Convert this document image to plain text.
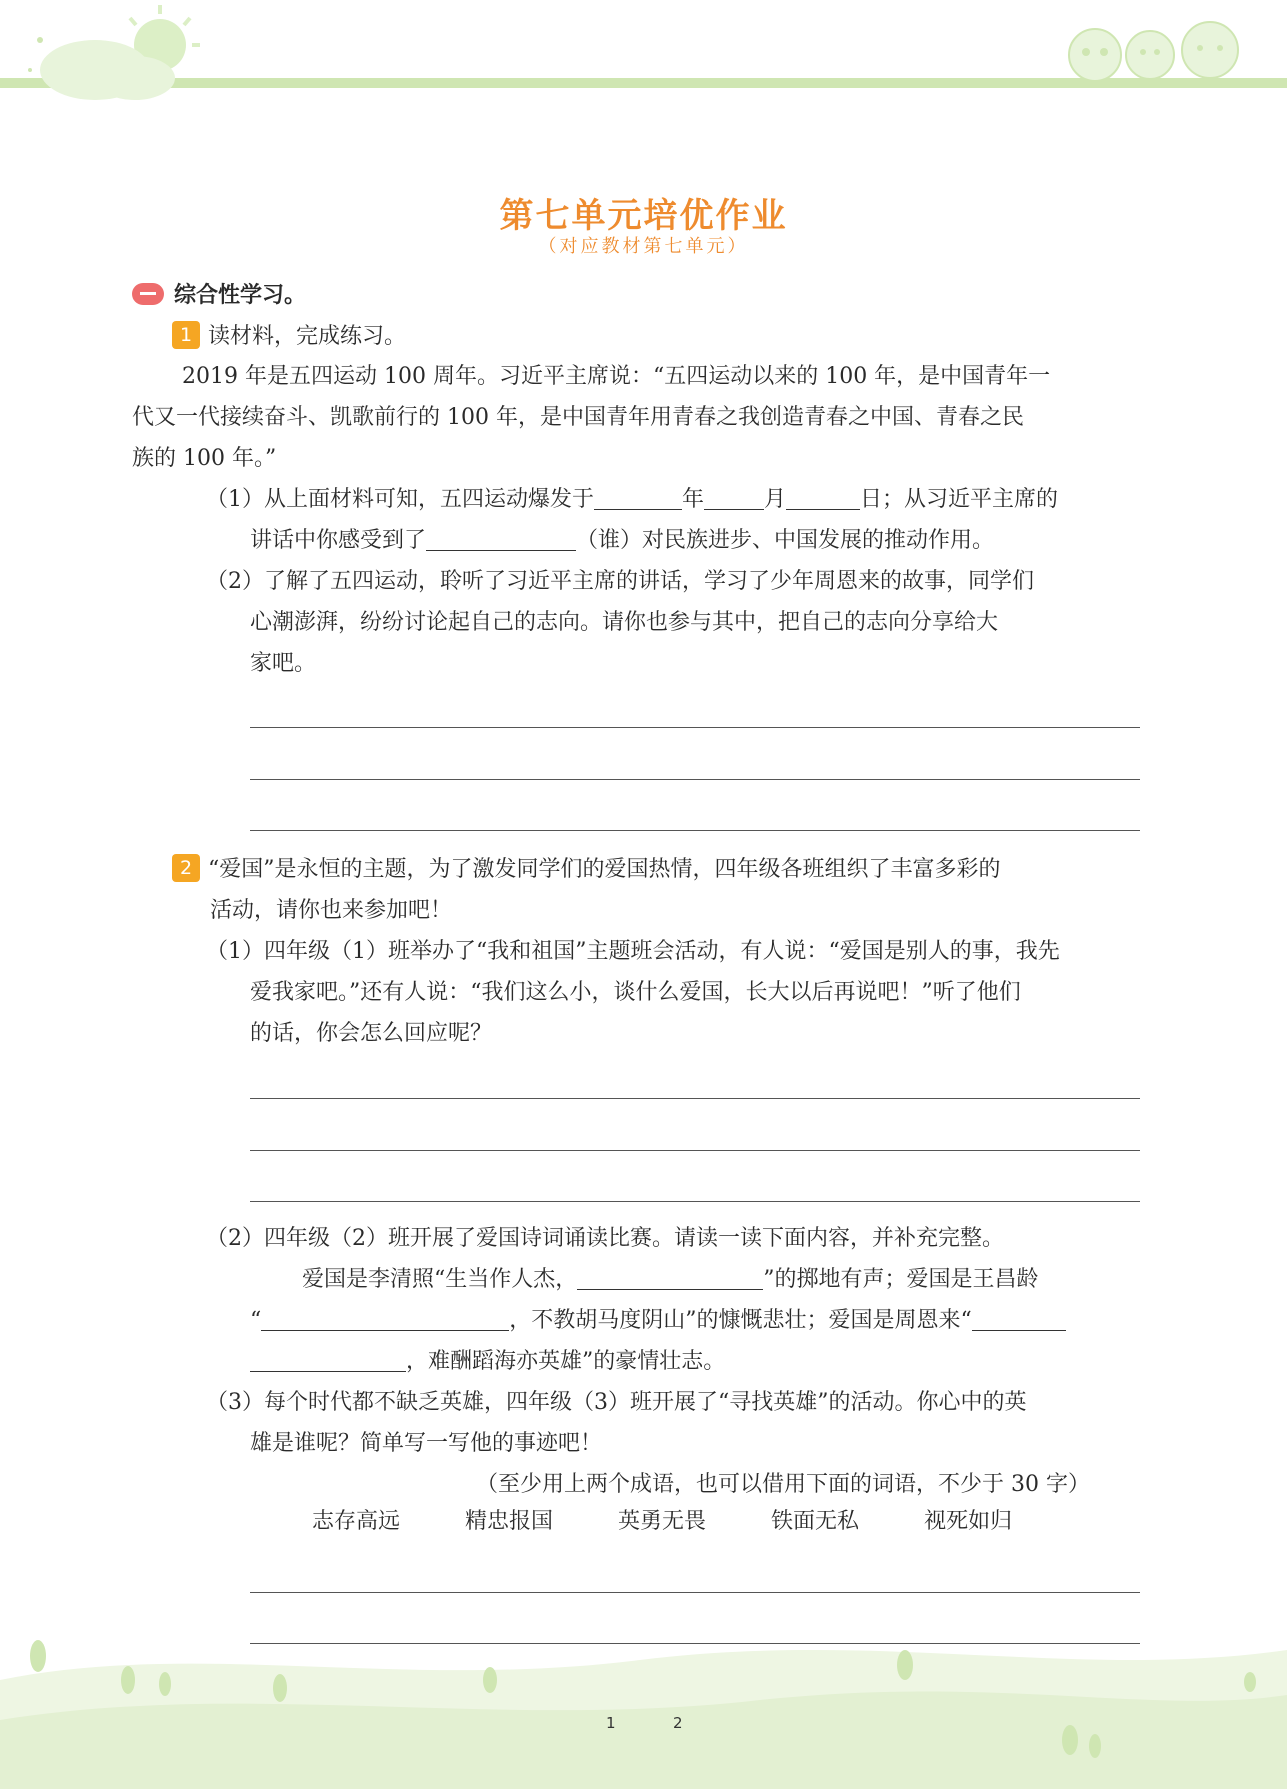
第七单元培优作业
（对应教材第七单元）
综合性学习。
1 读材料，完成练习。
2019 年是五四运动 100 周年。习近平主席说：“五四运动以来的 100 年，是中国青年一
代又一代接续奋斗、凯歌前行的 100 年，是中国青年用青春之我创造青春之中国、青春之民
族的 100 年。”
（1）从上面材料可知，五四运动爆发于	年	月	日；从习近平主席的
讲话中你感受到了	（谁）对民族进步、中国发展的推动作用。
（2）了解了五四运动，聆听了习近平主席的讲话，学习了少年周恩来的故事，同学们
心潮澎湃，纷纷讨论起自己的志向。请你也参与其中，把自己的志向分享给大
家吧。
2 “爱国”是永恒的主题，为了激发同学们的爱国热情，四年级各班组织了丰富多彩的
活动，请你也来参加吧！
（1）四年级（1）班举办了“我和祖国”主题班会活动，有人说：“爱国是别人的事，我先
爱我家吧。”还有人说：“我们这么小，谈什么爱国，长大以后再说吧！”听了他们
的话，你会怎么回应呢？
（2）四年级（2）班开展了爱国诗词诵读比赛。请读一读下面内容，并补充完整。
爱国是李清照“生当作人杰，	”的掷地有声；爱国是王昌龄
“	，不教胡马度阴山”的慷慨悲壮；爱国是周恩来“
，难酬蹈海亦英雄”的豪情壮志。
（3）每个时代都不缺乏英雄，四年级（3）班开展了“寻找英雄”的活动。你心中的英
雄是谁呢？简单写一写他的事迹吧！
（至少用上两个成语，也可以借用下面的词语，不少于 30 字）
志存高远	精忠报国	英勇无畏	铁面无私	视死如归
1	2
